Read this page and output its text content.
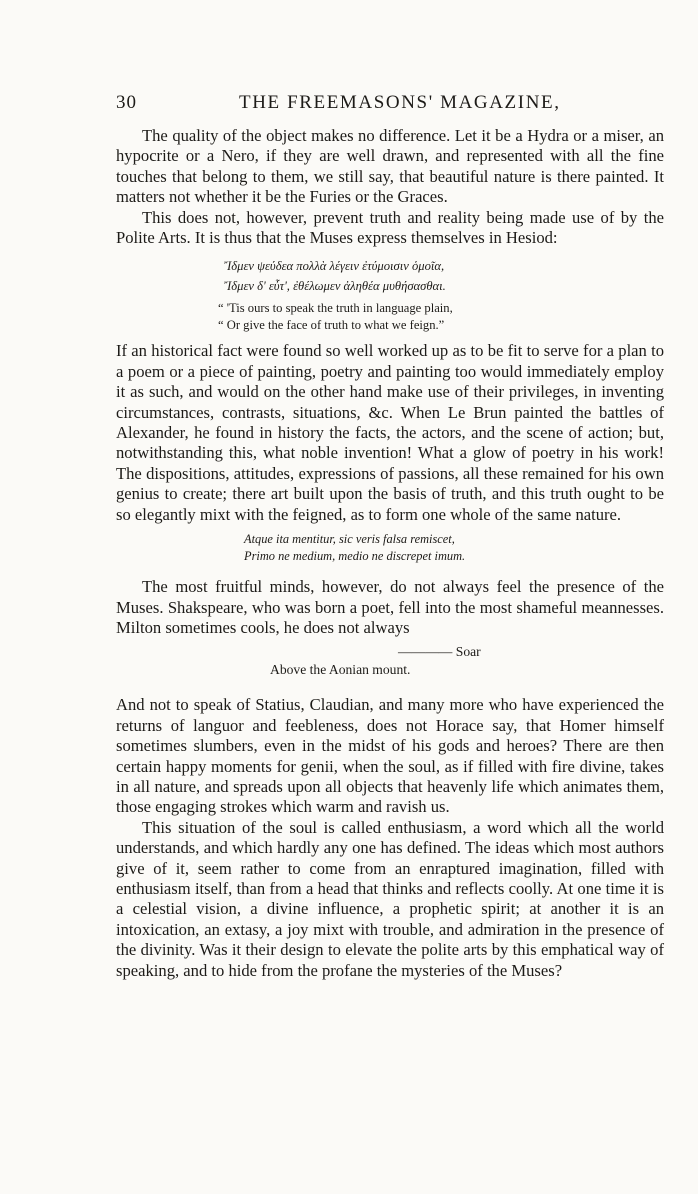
30	THE FREEMASONS' MAGAZINE,

The quality of the object makes no difference. Let it be a Hydra or a miser, an hypocrite or a Nero, if they are well drawn, and represented with all the fine touches that belong to them, we still say, that beautiful nature is there painted. It matters not whether it be the Furies or the Graces.

This does not, however, prevent truth and reality being made use of by the Polite Arts. It is thus that the Muses express themselves in Hesiod:

Ἴδμεν ψεύδεα πολλὰ λέγειν ἐτύμοισιν ὁμοῖα,
Ἴδμεν δ' εὖτ', ἐθέλωμεν ἀληθέα μυθήσασθαι.
“ 'Tis ours to speak the truth in language plain,
“ Or give the face of truth to what we feign.”

If an historical fact were found so well worked up as to be fit to serve for a plan to a poem or a piece of painting, poetry and painting too would immediately employ it as such, and would on the other hand make use of their privileges, in inventing circumstances, contrasts, situations, &c. When Le Brun painted the battles of Alexander, he found in history the facts, the actors, and the scene of action; but, notwithstanding this, what noble invention! What a glow of poetry in his work! The dispositions, attitudes, expressions of passions, all these remained for his own genius to create; there art built upon the basis of truth, and this truth ought to be so elegantly mixt with the feigned, as to form one whole of the same nature.

Atque ita mentitur, sic veris falsa remiscet,
Primo ne medium, medio ne discrepet imum.

The most fruitful minds, however, do not always feel the presence of the Muses. Shakspeare, who was born a poet, fell into the most shameful meannesses. Milton sometimes cools, he does not always

———— Soar
Above the Aonian mount.

And not to speak of Statius, Claudian, and many more who have experienced the returns of languor and feebleness, does not Horace say, that Homer himself sometimes slumbers, even in the midst of his gods and heroes? There are then certain happy moments for genii, when the soul, as if filled with fire divine, takes in all nature, and spreads upon all objects that heavenly life which animates them, those engaging strokes which warm and ravish us.

This situation of the soul is called enthusiasm, a word which all the world understands, and which hardly any one has defined. The ideas which most authors give of it, seem rather to come from an enraptured imagination, filled with enthusiasm itself, than from a head that thinks and reflects coolly. At one time it is a celestial vision, a divine influence, a prophetic spirit; at another it is an intoxication, an extasy, a joy mixt with trouble, and admiration in the presence of the divinity. Was it their design to elevate the polite arts by this emphatical way of speaking, and to hide from the profane the mysteries of the Muses?
